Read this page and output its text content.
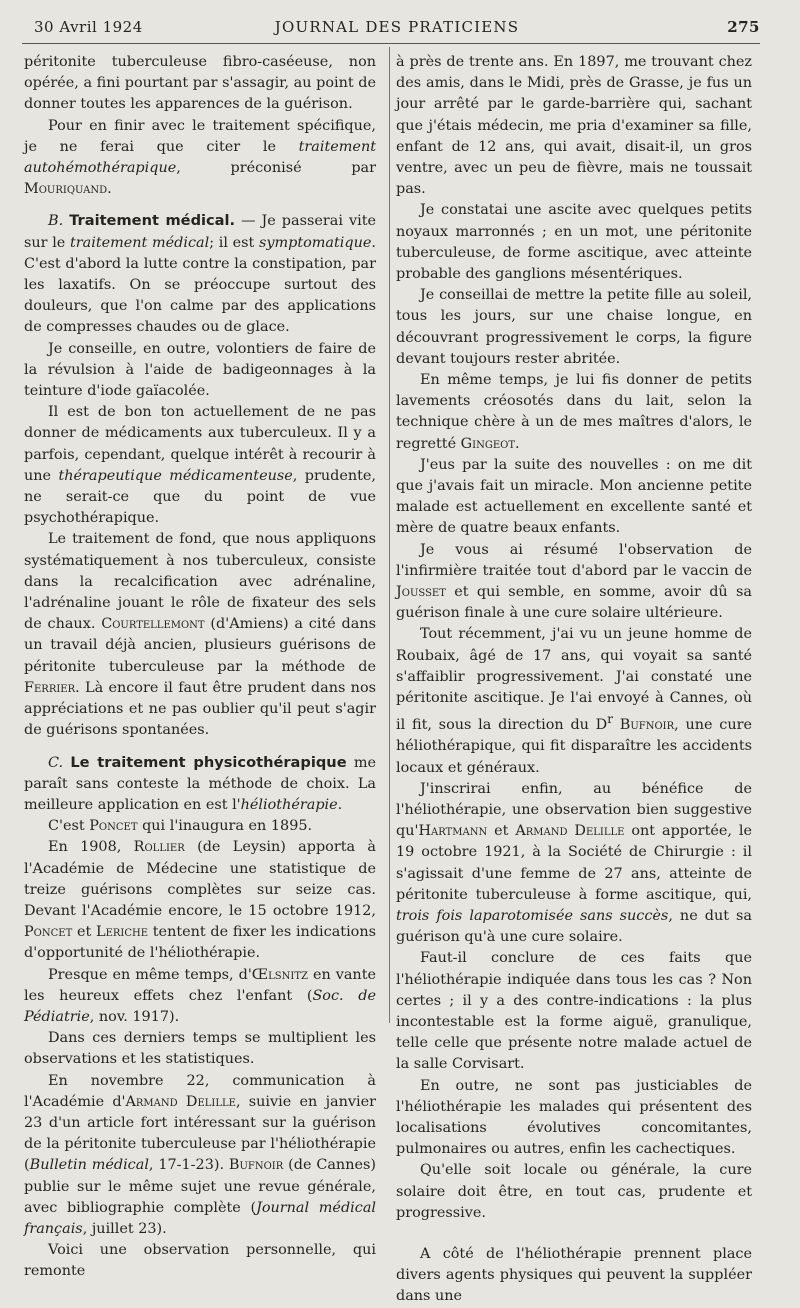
30 Avril 1924	JOURNAL DES PRATICIENS	275

péritonite tuberculeuse fibro-caséeuse, non opérée, a fini pourtant par s'assagir, au point de donner toutes les apparences de la guérison.

Pour en finir avec le traitement spécifique, je ne ferai que citer le traitement autohémothérapique, préconisé par Mouriquand.

B. Traitement médical. — Je passerai vite sur le traitement médical; il est symptomatique. C'est d'abord la lutte contre la constipation, par les laxatifs. On se préoccupe surtout des douleurs, que l'on calme par des applications de compresses chaudes ou de glace.

Je conseille, en outre, volontiers de faire de la révulsion à l'aide de badigeonnages à la teinture d'iode gaïacolée.

Il est de bon ton actuellement de ne pas donner de médicaments aux tuberculeux. Il y a parfois, cependant, quelque intérêt à recourir à une thérapeutique médicamenteuse, prudente, ne serait-ce que du point de vue psychothérapique.

Le traitement de fond, que nous appliquons systématiquement à nos tuberculeux, consiste dans la recalcification avec adrénaline, l'adrénaline jouant le rôle de fixateur des sels de chaux. Courtellemont (d'Amiens) a cité dans un travail déjà ancien, plusieurs guérisons de péritonite tuberculeuse par la méthode de Ferrier. Là encore il faut être prudent dans nos appréciations et ne pas oublier qu'il peut s'agir de guérisons spontanées.

C. Le traitement physicothérapique me paraît sans conteste la méthode de choix. La meilleure application en est l'héliothérapie.

C'est Poncet qui l'inaugura en 1895.

En 1908, Rollier (de Leysin) apporta à l'Académie de Médecine une statistique de treize guérisons complètes sur seize cas. Devant l'Académie encore, le 15 octobre 1912, Poncet et Leriche tentent de fixer les indications d'opportunité de l'héliothérapie.

Presque en même temps, d'Œlsnitz en vante les heureux effets chez l'enfant (Soc. de Pédiatrie, nov. 1917).

Dans ces derniers temps se multiplient les observations et les statistiques.

En novembre 22, communication à l'Académie d'Armand Delille, suivie en janvier 23 d'un article fort intéressant sur la guérison de la péritonite tuberculeuse par l'héliothérapie (Bulletin médical, 17-1-23). Bufnoir (de Cannes) publie sur le même sujet une revue générale, avec bibliographie complète (Journal médical français, juillet 23).

Voici une observation personnelle, qui remonte

à près de trente ans. En 1897, me trouvant chez des amis, dans le Midi, près de Grasse, je fus un jour arrêté par le garde-barrière qui, sachant que j'étais médecin, me pria d'examiner sa fille, enfant de 12 ans, qui avait, disait-il, un gros ventre, avec un peu de fièvre, mais ne toussait pas.

Je constatai une ascite avec quelques petits noyaux marronnés ; en un mot, une péritonite tuberculeuse, de forme ascitique, avec atteinte probable des ganglions mésentériques.

Je conseillai de mettre la petite fille au soleil, tous les jours, sur une chaise longue, en découvrant progressivement le corps, la figure devant toujours rester abritée.

En même temps, je lui fis donner de petits lavements créosotés dans du lait, selon la technique chère à un de mes maîtres d'alors, le regretté Gingeot.

J'eus par la suite des nouvelles : on me dit que j'avais fait un miracle. Mon ancienne petite malade est actuellement en excellente santé et mère de quatre beaux enfants.

Je vous ai résumé l'observation de l'infirmière traitée tout d'abord par le vaccin de Jousset et qui semble, en somme, avoir dû sa guérison finale à une cure solaire ultérieure.

Tout récemment, j'ai vu un jeune homme de Roubaix, âgé de 17 ans, qui voyait sa santé s'affaiblir progressivement. J'ai constaté une péritonite ascitique. Je l'ai envoyé à Cannes, où il fit, sous la direction du $D^r$ Bufnoir, une cure héliothérapique, qui fit disparaître les accidents locaux et généraux.

J'inscrirai enfin, au bénéfice de l'héliothérapie, une observation bien suggestive qu'Hartmann et Armand Delille ont apportée, le 19 octobre 1921, à la Société de Chirurgie : il s'agissait d'une femme de 27 ans, atteinte de péritonite tuberculeuse à forme ascitique, qui, trois fois laparotomisée sans succès, ne dut sa guérison qu'à une cure solaire.

Faut-il conclure de ces faits que l'héliothérapie indiquée dans tous les cas ? Non certes ; il y a des contre-indications : la plus incontestable est la forme aiguë, granulique, telle celle que présente notre malade actuel de la salle Corvisart.

En outre, ne sont pas justiciables de l'héliothérapie les malades qui présentent des localisations évolutives concomitantes, pulmonaires ou autres, enfin les cachectiques.

Qu'elle soit locale ou générale, la cure solaire doit être, en tout cas, prudente et progressive.

A côté de l'héliothérapie prennent place divers agents physiques qui peuvent la suppléer dans une
